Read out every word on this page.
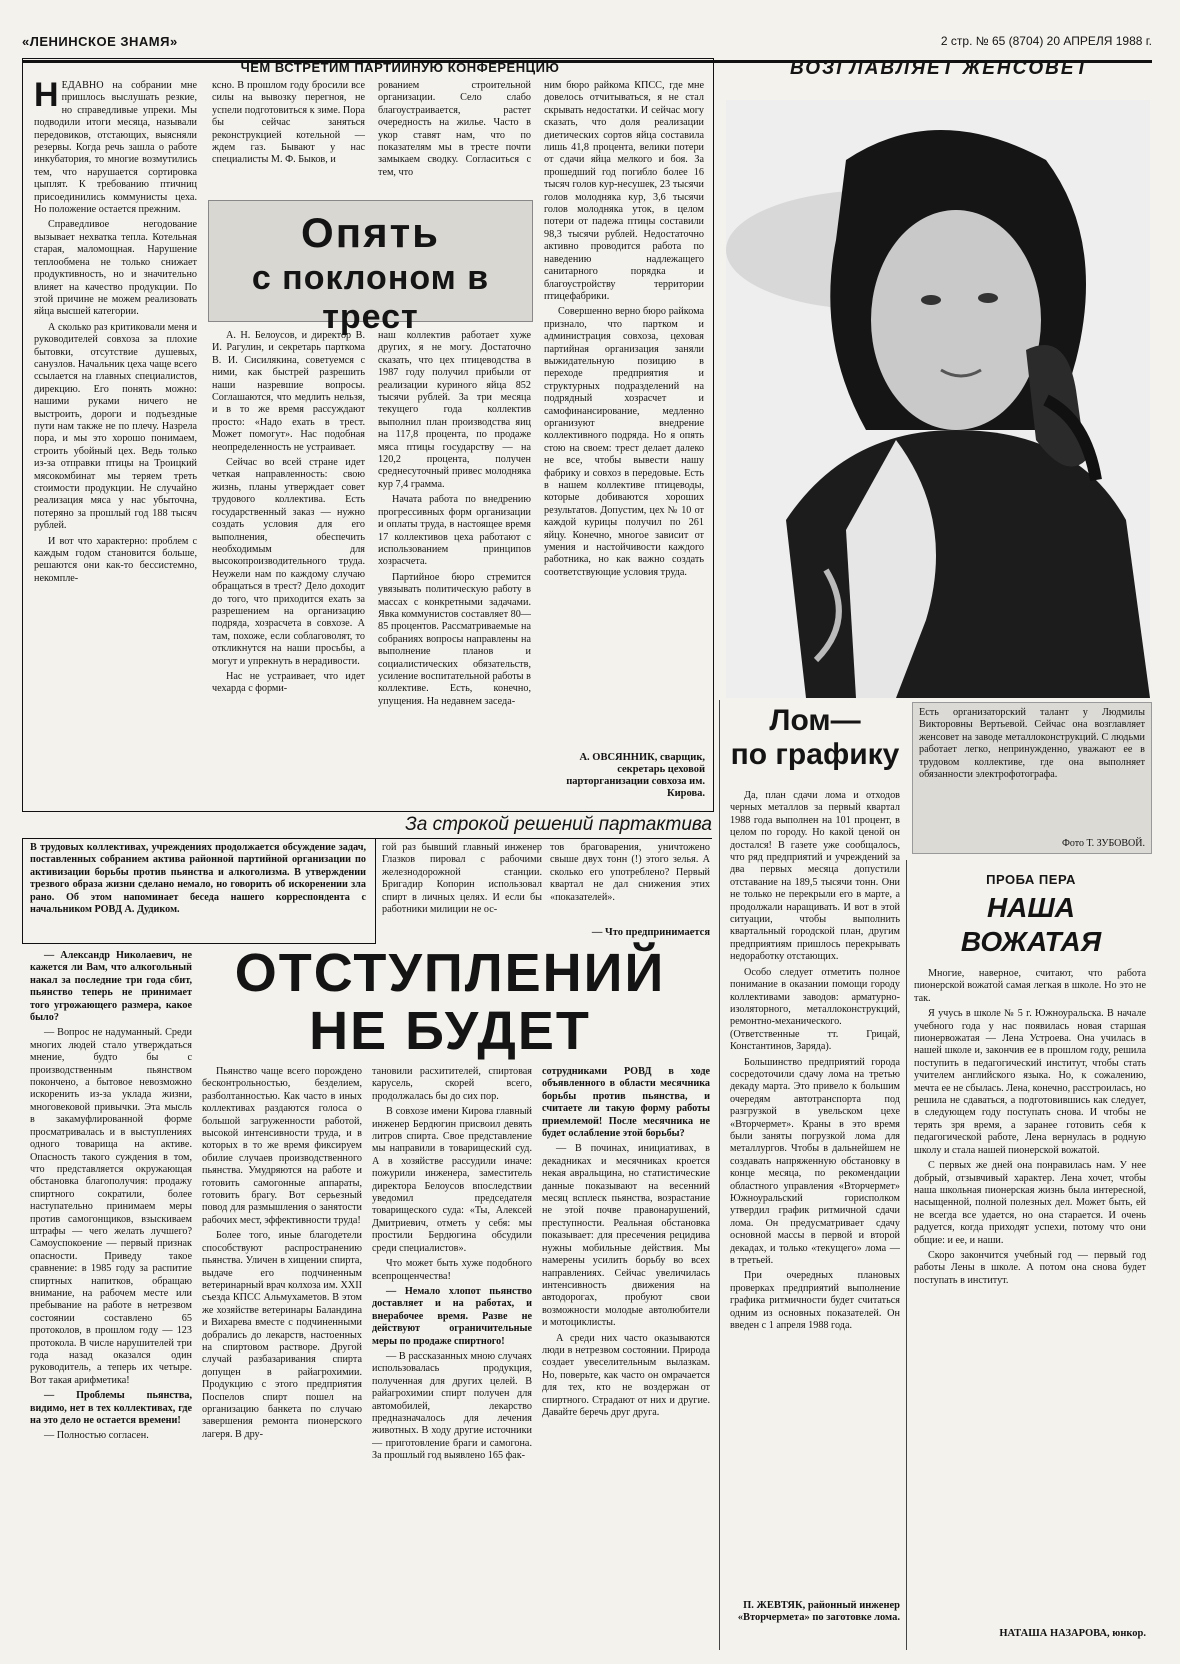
«ЛЕНИНСКОЕ ЗНАМЯ»	2 стр. № 65 (8704) 20 АПРЕЛЯ 1988 г.
ЧЕМ ВСТРЕТИМ ПАРТИЙНУЮ КОНФЕРЕНЦИЮ

НЕДАВНО на собрании мне пришлось выслушать резкие, но справедливые упреки. Мы подводили итоги месяца, называли передовиков, отстающих, выясняли резервы. Когда речь зашла о работе инкубатория, то многие возмутились тем, что нарушается сортировка цыплят. К требованию птичниц присоединились коммунисты цеха. Но положение остается прежним.

Справедливое негодование вызывает нехватка тепла. Котельная старая, маломощная. Нарушение теплообмена не только снижает продуктивность, но и значительно влияет на качество продукции. По этой причине не можем реализовать яйца высшей категории.

А сколько раз критиковали меня и руководителей совхоза за плохие бытовки, отсутствие душевых, санузлов. Начальник цеха чаще всего ссылается на главных специалистов, дирекцию. Его понять можно: нашими руками ничего не выстроить, дороги и подъездные пути нам также не по плечу. Назрела пора, и мы это хорошо понимаем, строить убойный цех. Ведь только из-за отправки птицы на Троицкий мясокомбинат мы теряем треть стоимости продукции. Не случайно реализация мяса у нас убыточна, потеряно за прошлый год 188 тысяч рублей.

И вот что характерно: проблем с каждым годом становится больше, решаются они как-то бессистемно, некомпле-

ксно. В прошлом году бросили все силы на вывозку перегноя, не успели подготовиться к зиме. Пора бы сейчас заняться реконструкцией котельной — ждем газ. Бывают у нас специалисты М. Ф. Быков, и

рованием строительной организации. Село слабо благоустраивается, растет очередность на жилье. Часто в укор ставят нам, что по показателям мы в тресте почти замыкаем сводку. Согласиться с тем, что

Опять
с поклоном в трест

А. Н. Белоусов, и директор В. И. Рагулин, и секретарь парткома В. И. Сисилякина, советуемся с ними, как быстрей разрешить наши назревшие вопросы. Соглашаются, что медлить нельзя, и в то же время рассуждают просто: «Надо ехать в трест. Может помогут». Нас подобная неопределенность не устраивает.

Сейчас во всей стране идет четкая направленность: свою жизнь, планы утверждает совет трудового коллектива. Есть государственный заказ — нужно создать условия для его выполнения, обеспечить необходимым для высокопроизводительного труда. Неужели нам по каждому случаю обращаться в трест? Дело доходит до того, что приходится ехать за разрешением на организацию подряда, хозрасчета в совхозе. А там, похоже, если соблаговолят, то откликнутся на наши просьбы, а могут и упрекнуть в нерадивости.

Нас не устраивает, что идет чехарда с форми-

наш коллектив работает хуже других, я не могу. Достаточно сказать, что цех птицеводства в 1987 году получил прибыли от реализации куриного яйца 852 тысячи рублей. За три месяца текущего года коллектив выполнил план производства яиц на 117,8 процента, по продаже мяса птицы государству — на 120,2 процента, получен среднесуточный привес молодняка кур 7,4 грамма.

Начата работа по внедрению прогрессивных форм организации и оплаты труда, в настоящее время 17 коллективов цеха работают с использованием принципов хозрасчета.

Партийное бюро стремится увязывать политическую работу в массах с конкретными задачами. Явка коммунистов составляет 80—85 процентов. Рассматриваемые на собраниях вопросы направлены на выполнение планов и социалистических обязательств, усиление воспитательной работы в коллективе. Есть, конечно, упущения. На недавнем заседа-

ним бюро райкома КПСС, где мне довелось отчитываться, я не стал скрывать недостатки. И сейчас могу сказать, что доля реализации диетических сортов яйца составила лишь 41,8 процента, велики потери от сдачи яйца мелкого и боя. За прошедший год погибло более 16 тысяч голов кур-несушек, 23 тысячи голов молодняка кур, 3,6 тысячи голов молодняка уток, в целом потери от падежа птицы составили 98,3 тысячи рублей. Недостаточно активно проводится работа по наведению надлежащего санитарного порядка и благоустройству территории птицефабрики.

Совершенно верно бюро райкома признало, что партком и администрация совхоза, цеховая партийная организация заняли выжидательную позицию в переходе предприятия и структурных подразделений на подрядный хозрасчет и самофинансирование, медленно организуют внедрение коллективного подряда. Но я опять стою на своем: трест делает далеко не все, чтобы вывести нашу фабрику и совхоз в передовые. Есть в нашем коллективе птицеводы, которые добиваются хороших результатов. Допустим, цех № 10 от каждой курицы получил по 261 яйцу. Конечно, многое зависит от умения и настойчивости каждого работника, но как важно создать соответствующие условия труда.

А. ОВСЯННИК, сварщик, секретарь цеховой парторганизации совхоза им. Кирова.
ВОЗГЛАВЛЯЕТ ЖЕНСОВЕТ
Есть организаторский талант у Людмилы Викторовны Вертьевой. Сейчас она возглавляет женсовет на заводе металлоконструкций. С людьми работает легко, непринужденно, уважают ее в трудовом коллективе, где она выполняет обязанности электрофотографа.
Фото Т. ЗУБОВОЙ.
Лом—
по графику

Да, план сдачи лома и отходов черных металлов за первый квартал 1988 года выполнен на 101 процент, в целом по городу. Но какой ценой он достался! В газете уже сообщалось, что ряд предприятий и учреждений за два первых месяца допустили отставание на 189,5 тысячи тонн. Они не только не перекрыли его в марте, а продолжали наращивать. И вот в этой ситуации, чтобы выполнить квартальный городской план, другим предприятиям пришлось перекрывать недоработку отстающих.

Особо следует отметить полное понимание в оказании помощи городу коллективами заводов: арматурно-изоляторного, металлоконструкций, ремонтно-механического. (Ответственные тт. Грицай, Константинов, Заряда).

Большинство предприятий города сосредоточили сдачу лома на третью декаду марта. Это привело к большим очередям автотранспорта под разгрузкой в увельском цехе «Вторчермет». Краны в это время были заняты погрузкой лома для металлургов. Чтобы в дальнейшем не создавать напряженную обстановку в конце месяца, по рекомендации областного управления «Вторчермет» Южноуральский горисполком утвердил график ритмичной сдачи лома. Он предусматривает сдачу основной массы в первой и второй декадах, и только «текущего» лома — в третьей.

При очередных плановых проверках предприятий выполнение графика ритмичности будет считаться одним из основных показателей. Он введен с 1 апреля 1988 года.

П. ЖЕВТЯК, районный инженер «Вторчермета» по заготовке лома.
ПРОБА ПЕРА
НАША
ВОЖАТАЯ

Многие, наверное, считают, что работа пионерской вожатой самая легкая в школе. Но это не так.

Я учусь в школе № 5 г. Южноуральска. В начале учебного года у нас появилась новая старшая пионервожатая — Лена Устроева. Она училась в нашей школе и, закончив ее в прошлом году, решила поступить в педагогический институт, чтобы стать учителем английского языка. Но, к сожалению, мечта ее не сбылась. Лена, конечно, расстроилась, но решила не сдаваться, а подготовившись как следует, в следующем году поступать снова. И чтобы не терять зря время, а заранее готовить себя к педагогической работе, Лена вернулась в родную школу и стала нашей пионерской вожатой.

С первых же дней она понравилась нам. У нее добрый, отзывчивый характер. Лена хочет, чтобы наша школьная пионерская жизнь была интересной, насыщенной, полной полезных дел. Может быть, ей не всегда все удается, но она старается. И очень радуется, когда приходят успехи, потому что они общие: и ее, и наши.

Скоро закончится учебный год — первый год работы Лены в школе. А потом она снова будет поступать в институт.

НАТАША НАЗАРОВА, юнкор.
За строкой решений партактива
В трудовых коллективах, учреждениях продолжается обсуждение задач, поставленных собранием актива районной партийной организации по активизации борьбы против пьянства и алкоголизма. В утверждении трезвого образа жизни сделано немало, но говорить об искоренении зла рано. Об этом напоминает беседа нашего корреспондента с начальником РОВД А. Дудиком.
гой раз бывший главный инженер Глазков пировал с рабочими железнодорожной станции. Бригадир Копорин использовал спирт в личных целях. И если бы работники милиции не ос-
тов браговарения, уничтожено свыше двух тонн (!) этого зелья. А сколько его употреблено? Первый квартал не дал снижения этих «показателей».
— Что предпринимается
ОТСТУПЛЕНИЙ
НЕ БУДЕТ

— Александр Николаевич, не кажется ли Вам, что алкогольный накал за последние три года сбит, пьянство теперь не принимает того угрожающего размера, какое было?

— Вопрос не надуманный. Среди многих людей стало утверждаться мнение, будто бы с производственным пьянством покончено, а бытовое невозможно искоренить из-за уклада жизни, многовековой привычки. Эта мысль в закамуфлированной форме просматривалась и в выступлениях одного товарища на активе. Опасность такого суждения в том, что представляется окружающая обстановка благополучия: продажу спиртного сократили, более наступательно принимаем меры против самогонщиков, взыскиваем штрафы — чего желать лучшего? Самоуспокоение — первый признак опасности. Приведу такое сравнение: в 1985 году за распитие спиртных напитков, обращаю внимание, на рабочем месте или пребывание на работе в нетрезвом состоянии составлено 65 протоколов, в прошлом году — 123 протокола. В числе нарушителей три года назад оказался один руководитель, а теперь их четыре. Вот такая арифметика!

— Проблемы пьянства, видимо, нет в тех коллективах, где на это дело не остается времени!

— Полностью согласен.

Пьянство чаще всего порождено бесконтрольностью, безделием, разболтанностью. Как часто в иных коллективах раздаются голоса о большой загруженности работой, высокой интенсивности труда, и в которых в то же время фиксируем обилие случаев производственного пьянства. Умудряются на работе и готовить самогонные аппараты, готовить брагу. Вот серьезный повод для размышления о занятости рабочих мест, эффективности труда!

Более того, иные благодетели способствуют распространению пьянства. Уличен в хищении спирта, выдаче его подчиненным ветеринарный врач колхоза им. XXII съезда КПСС Альмухаметов. В этом же хозяйстве ветеринары Баландина и Вихарева вместе с подчиненными добрались до лекарств, настоенных на спиртовом растворе. Другой случай разбазаривания спирта допущен в райагрохимии. Продукцию с этого предприятия Поспелов спирт пошел на организацию банкета по случаю завершения ремонта пионерского лагеря. В дру-

тановили расхитителей, спиртовая карусель, скорей всего, продолжалась бы до сих пор.

В совхозе имени Кирова главный инженер Бердюгин присвоил девять литров спирта. Свое представление мы направили в товарищеский суд. А в хозяйстве рассудили иначе: пожурили инженера, заместитель директора Белоусов впоследствии уведомил председателя товарищеского суда: «Ты, Алексей Дмитриевич, отметь у себя: мы простили Бердюгина обсудили среди специалистов».

Что может быть хуже подобного всепрощенчества!

— Немало хлопот пьянство доставляет и на работах, и внерабочее время. Разве не действуют ограничительные меры по продаже спиртного!

— В рассказанных мною случаях использовалась продукция, полученная для других целей. В райагрохимии спирт получен для автомобилей, лекарство предназначалось для лечения животных. В ходу другие источники — приготовление браги и самогона. За прошлый год выявлено 165 фак-

сотрудниками РОВД в ходе объявленного в области месячника борьбы против пьянства, и считаете ли такую форму работы приемлемой! После месячника не будет ослабление этой борьбы?

— В починах, инициативах, в декадниках и месячниках кроется некая авральщина, но статистические данные показывают на весенний месяц всплеск пьянства, возрастание не этой почве правонарушений, преступности. Реальная обстановка показывает: для пресечения рецидива нужны мобильные действия. Мы намерены усилить борьбу во всех направлениях. Сейчас увеличилась интенсивность движения на автодорогах, пробуют свои возможности молодые автолюбители и мотоциклисты.

А среди них часто оказываются люди в нетрезвом состоянии. Природа создает увеселительным вылазкам. Но, поверьте, как часто он омрачается для тех, кто не воздержан от спиртного. Страдают от них и другие. Давайте беречь друг друга.
